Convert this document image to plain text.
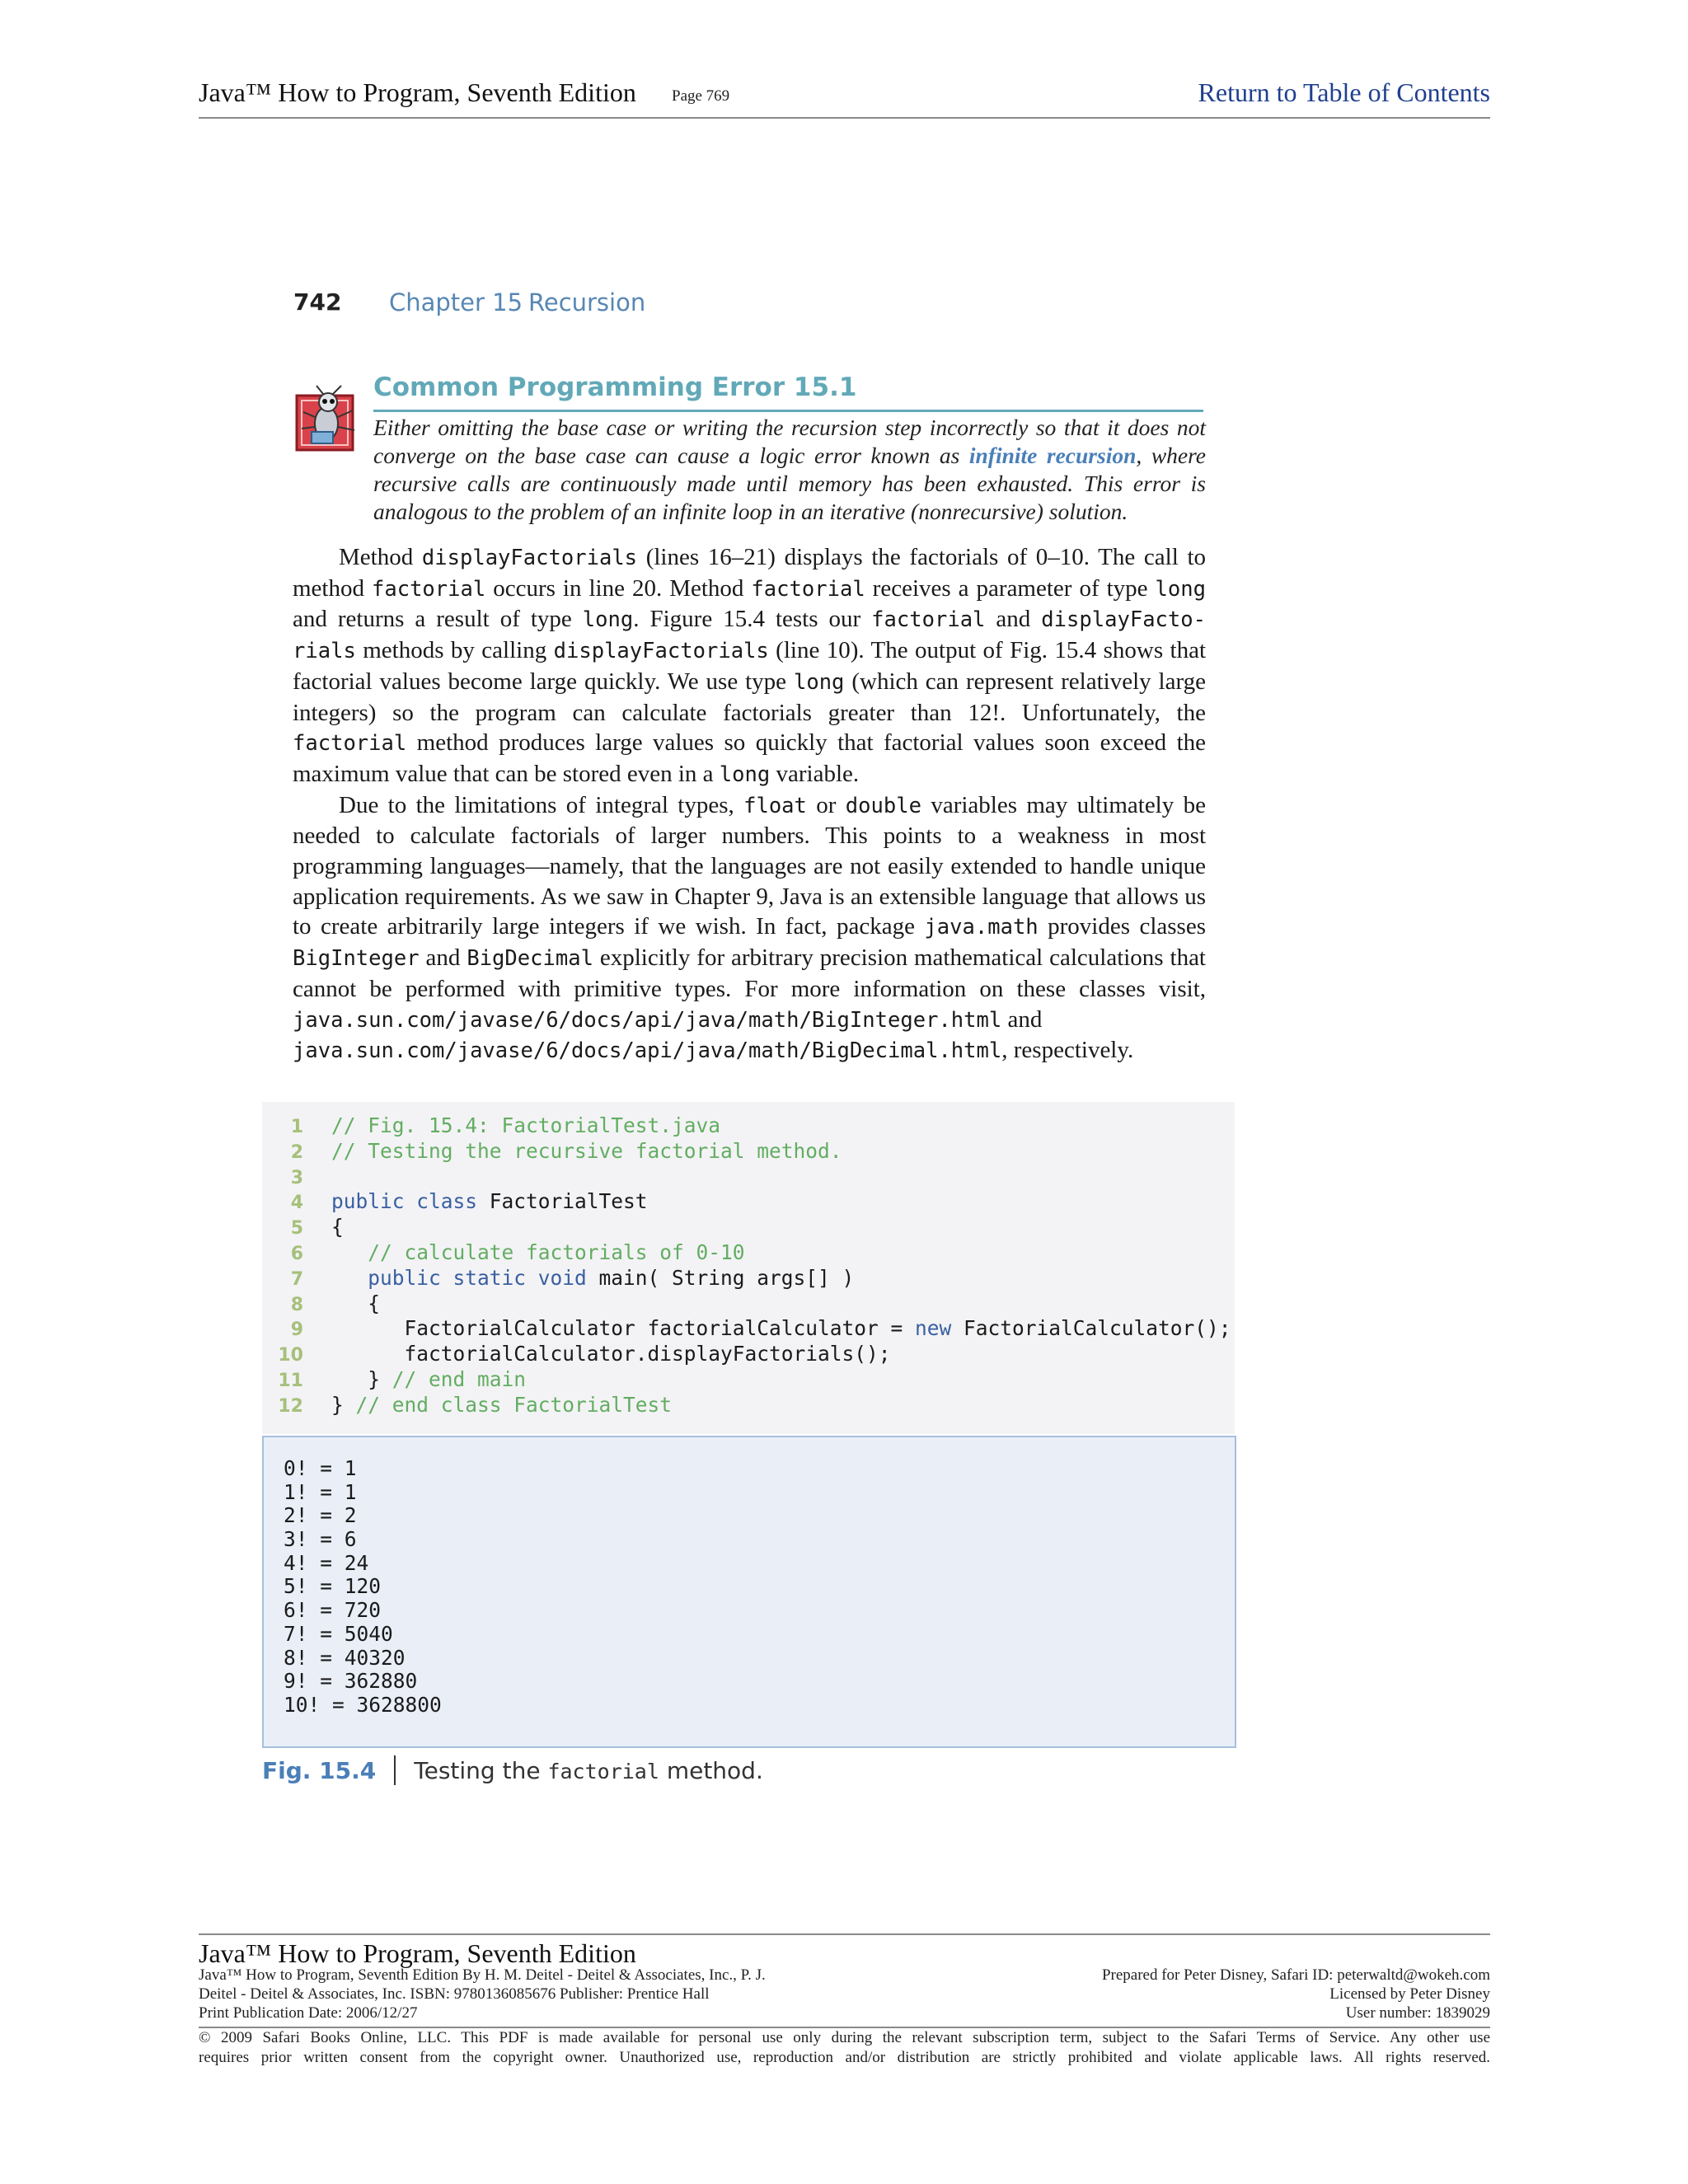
Java™ How to Program, Seventh Edition Page 769	Return to Table of Contents
742 Chapter 15 Recursion
Common Programming Error 15.1
Either omitting the base case or writing the recursion step incorrectly so that it does not converge on the base case can cause a logic error known as infinite recursion, where recursive calls are continuously made until memory has been exhausted. This error is analogous to the problem of an infinite loop in an iterative (nonrecursive) solution.

Method displayFactorials (lines 16–21) displays the factorials of 0–10. The call to method factorial occurs in line 20. Method factorial receives a parameter of type long and returns a result of type long. Figure 15.4 tests our factorial and displayFacto-rials methods by calling displayFactorials (line 10). The output of Fig. 15.4 shows that factorial values become large quickly. We use type long (which can represent relatively large integers) so the program can calculate factorials greater than 12!. Unfortunately, the factorial method produces large values so quickly that factorial values soon exceed the maximum value that can be stored even in a long variable.

Due to the limitations of integral types, float or double variables may ultimately be needed to calculate factorials of larger numbers. This points to a weakness in most programming languages—namely, that the languages are not easily extended to handle unique application requirements. As we saw in Chapter 9, Java is an extensible language that allows us to create arbitrarily large integers if we wish. In fact, package java.math provides classes BigInteger and BigDecimal explicitly for arbitrary precision mathematical calculations that cannot be performed with primitive types. For more information on these classes visit, java.sun.com/javase/6/docs/api/java/math/BigInteger.html and

java.sun.com/javase/6/docs/api/java/math/BigDecimal.html, respectively.

1 // Fig. 15.4: FactorialTest.java
2 // Testing the recursive factorial method.
3
4 public class FactorialTest
5 {
6	// calculate factorials of 0-10
7	public static void main( String args[] )
8   {
9      FactorialCalculator factorialCalculator = new FactorialCalculator();
10      factorialCalculator.displayFactorials();
11   } // end main
12 } // end class FactorialTest
0! = 1
1! = 1
2! = 2
3! = 6
4! = 24
5! = 120
6! = 720
7! = 5040
8! = 40320
9! = 362880
10! = 3628800
Fig. 15.4 Testing the factorial method.
Java™ How to Program, Seventh Edition
Java™ How to Program, Seventh Edition By H. M. Deitel - Deitel & Associates, Inc., P. J.
Deitel - Deitel & Associates, Inc. ISBN: 9780136085676 Publisher: Prentice Hall
Print Publication Date: 2006/12/27
Prepared for Peter Disney, Safari ID: peterwaltd@wokeh.com
Licensed by Peter Disney
User number: 1839029
© 2009 Safari Books Online, LLC. This PDF is made available for personal use only during the relevant subscription term, subject to the Safari Terms of Service. Any other use
requires prior written consent from the copyright owner. Unauthorized use, reproduction and/or distribution are strictly prohibited and violate applicable laws. All rights reserved.
